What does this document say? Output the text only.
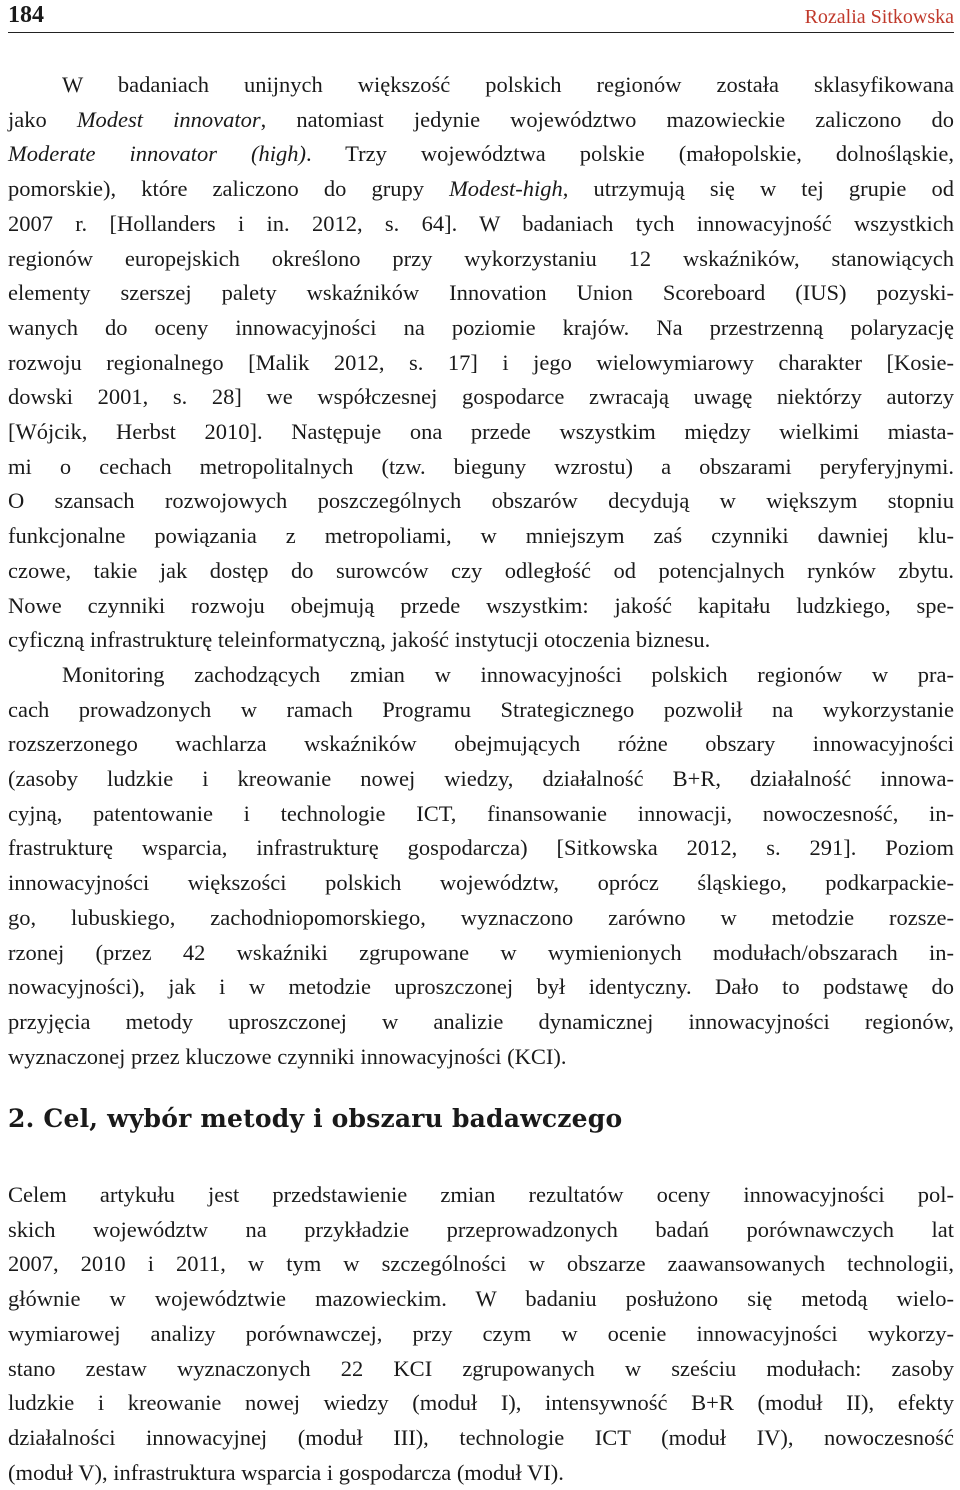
184	Rozalia Sitkowska

W badaniach unijnych większość polskich regionów została sklasyfikowana
jako Modest innovator, natomiast jedynie województwo mazowieckie zaliczono do
Moderate innovator (high). Trzy województwa polskie (małopolskie, dolnośląskie,
pomorskie), które zaliczono do grupy Modest-high, utrzymują się w tej grupie od
2007 r. [Hollanders i in. 2012, s. 64]. W badaniach tych innowacyjność wszystkich
regionów europejskich określono przy wykorzystaniu 12 wskaźników, stanowiących
elementy szerszej palety wskaźników Innovation Union Scoreboard (IUS) pozyski-
wanych do oceny innowacyjności na poziomie krajów. Na przestrzenną polaryzację
rozwoju regionalnego [Malik 2012, s. 17] i jego wielowymiarowy charakter [Kosie-
dowski 2001, s. 28] we współczesnej gospodarce zwracają uwagę niektórzy autorzy
[Wójcik, Herbst 2010]. Następuje ona przede wszystkim między wielkimi miasta-
mi o cechach metropolitalnych (tzw. bieguny wzrostu) a obszarami peryferyjnymi.
O szansach rozwojowych poszczególnych obszarów decydują w większym stopniu
funkcjonalne powiązania z metropoliami, w mniejszym zaś czynniki dawniej klu-
czowe, takie jak dostęp do surowców czy odległość od potencjalnych rynków zbytu.
Nowe czynniki rozwoju obejmują przede wszystkim: jakość kapitału ludzkiego, spe-
cyficzną infrastrukturę teleinformatyczną, jakość instytucji otoczenia biznesu.

Monitoring zachodzących zmian w innowacyjności polskich regionów w pra-
cach prowadzonych w ramach Programu Strategicznego pozwolił na wykorzystanie
rozszerzonego wachlarza wskaźników obejmujących różne obszary innowacyjności
(zasoby ludzkie i kreowanie nowej wiedzy, działalność B+R, działalność innowa-
cyjną, patentowanie i technologie ICT, finansowanie innowacji, nowoczesność, in-
frastrukturę wsparcia, infrastrukturę gospodarcza) [Sitkowska 2012, s. 291]. Poziom
innowacyjności większości polskich województw, oprócz śląskiego, podkarpackie-
go, lubuskiego, zachodniopomorskiego, wyznaczono zarówno w metodzie rozsze-
rzonej (przez 42 wskaźniki zgrupowane w wymienionych modułach/obszarach in-
nowacyjności), jak i w metodzie uproszczonej był identyczny. Dało to podstawę do
przyjęcia metody uproszczonej w analizie dynamicznej innowacyjności regionów,
wyznaczonej przez kluczowe czynniki innowacyjności (KCI).

2. Cel, wybór metody i obszaru badawczego

Celem artykułu jest przedstawienie zmian rezultatów oceny innowacyjności pol-
skich województw na przykładzie przeprowadzonych badań porównawczych lat
2007, 2010 i 2011, w tym w szczególności w obszarze zaawansowanych technologii,
głównie w województwie mazowieckim. W badaniu posłużono się metodą wielo-
wymiarowej analizy porównawczej, przy czym w ocenie innowacyjności wykorzy-
stano zestaw wyznaczonych 22 KCI zgrupowanych w sześciu modułach: zasoby
ludzkie i kreowanie nowej wiedzy (moduł I), intensywność B+R (moduł II), efekty
działalności innowacyjnej (moduł III), technologie ICT (moduł IV), nowoczesność
(moduł V), infrastruktura wsparcia i gospodarcza (moduł VI).
